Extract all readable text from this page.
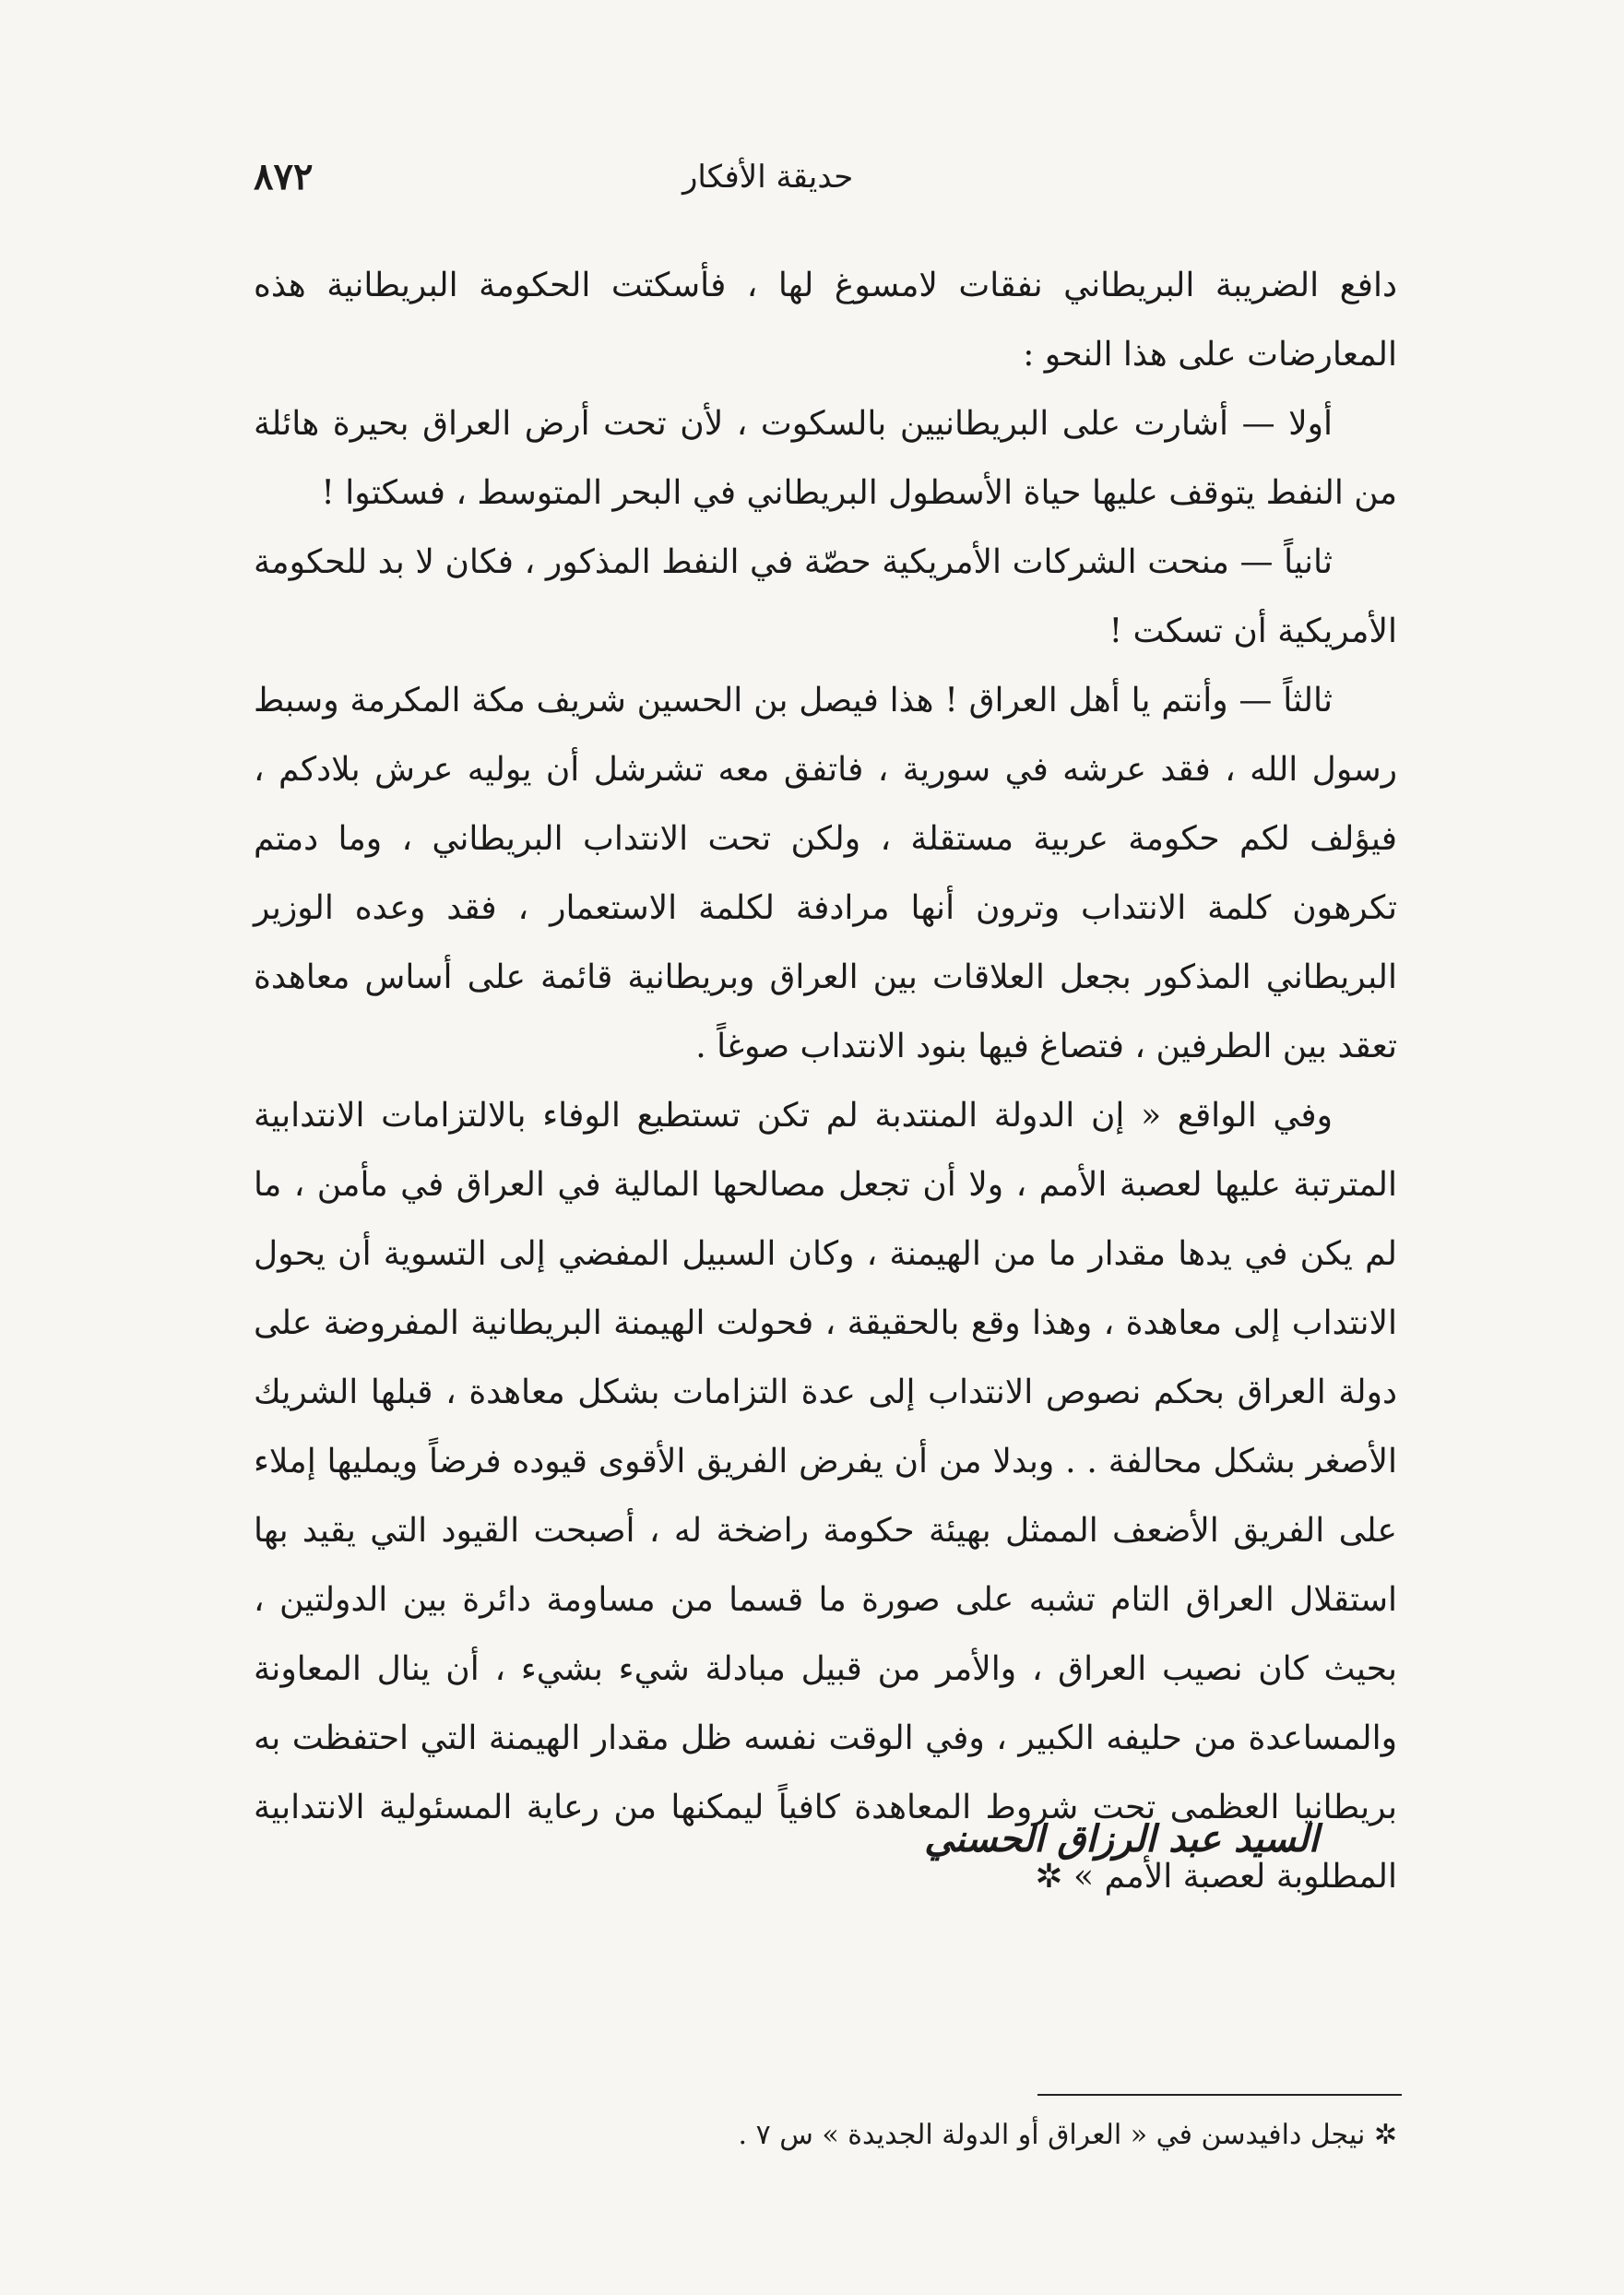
٨٧٢	حديقة الأفكار

دافع الضريبة البريطاني نفقات لامسوغ لها ، فأسكتت الحكومة البريطانية هذه المعارضات على هذا النحو :

أولا — أشارت على البريطانيين بالسكوت ، لأن تحت أرض العراق بحيرة هائلة من النفط يتوقف عليها حياة الأسطول البريطاني في البحر المتوسط ، فسكتوا !

ثانياً — منحت الشركات الأمريكية حصّة في النفط المذكور ، فكان لا بد للحكومة الأمريكية أن تسكت !

ثالثاً — وأنتم يا أهل العراق ! هذا فيصل بن الحسين شريف مكة المكرمة وسبط رسول الله ، فقد عرشه في سورية ، فاتفق معه تشرشل أن يوليه عرش بلادكم ، فيؤلف لكم حكومة عربية مستقلة ، ولكن تحت الانتداب البريطاني ، وما دمتم تكرهون كلمة الانتداب وترون أنها مرادفة لكلمة الاستعمار ، فقد وعده الوزير البريطاني المذكور بجعل العلاقات بين العراق وبريطانية قائمة على أساس معاهدة تعقد بين الطرفين ، فتصاغ فيها بنود الانتداب صوغاً .

وفي الواقع « إن الدولة المنتدبة لم تكن تستطيع الوفاء بالالتزامات الانتدابية المترتبة عليها لعصبة الأمم ، ولا أن تجعل مصالحها المالية في العراق في مأمن ، ما لم يكن في يدها مقدار ما من الهيمنة ، وكان السبيل المفضي إلى التسوية أن يحول الانتداب إلى معاهدة ، وهذا وقع بالحقيقة ، فحولت الهيمنة البريطانية المفروضة على دولة العراق بحكم نصوص الانتداب إلى عدة التزامات بشكل معاهدة ، قبلها الشريك الأصغر بشكل محالفة . . وبدلا من أن يفرض الفريق الأقوى قيوده فرضاً ويمليها إملاء على الفريق الأضعف الممثل بهيئة حكومة راضخة له ، أصبحت القيود التي يقيد بها استقلال العراق التام تشبه على صورة ما قسما من مساومة دائرة بين الدولتين ، بحيث كان نصيب العراق ، والأمر من قبيل مبادلة شيء بشيء ، أن ينال المعاونة والمساعدة من حليفه الكبير ، وفي الوقت نفسه ظل مقدار الهيمنة التي احتفظت به بريطانيا العظمى تحت شروط المعاهدة كافياً ليمكنها من رعاية المسئولية الانتدابية المطلوبة لعصبة الأمم » ✲

السيد عبد الرزاق الحسني
✲ نيجل دافيدسن في « العراق أو الدولة الجديدة » س ٧ .
